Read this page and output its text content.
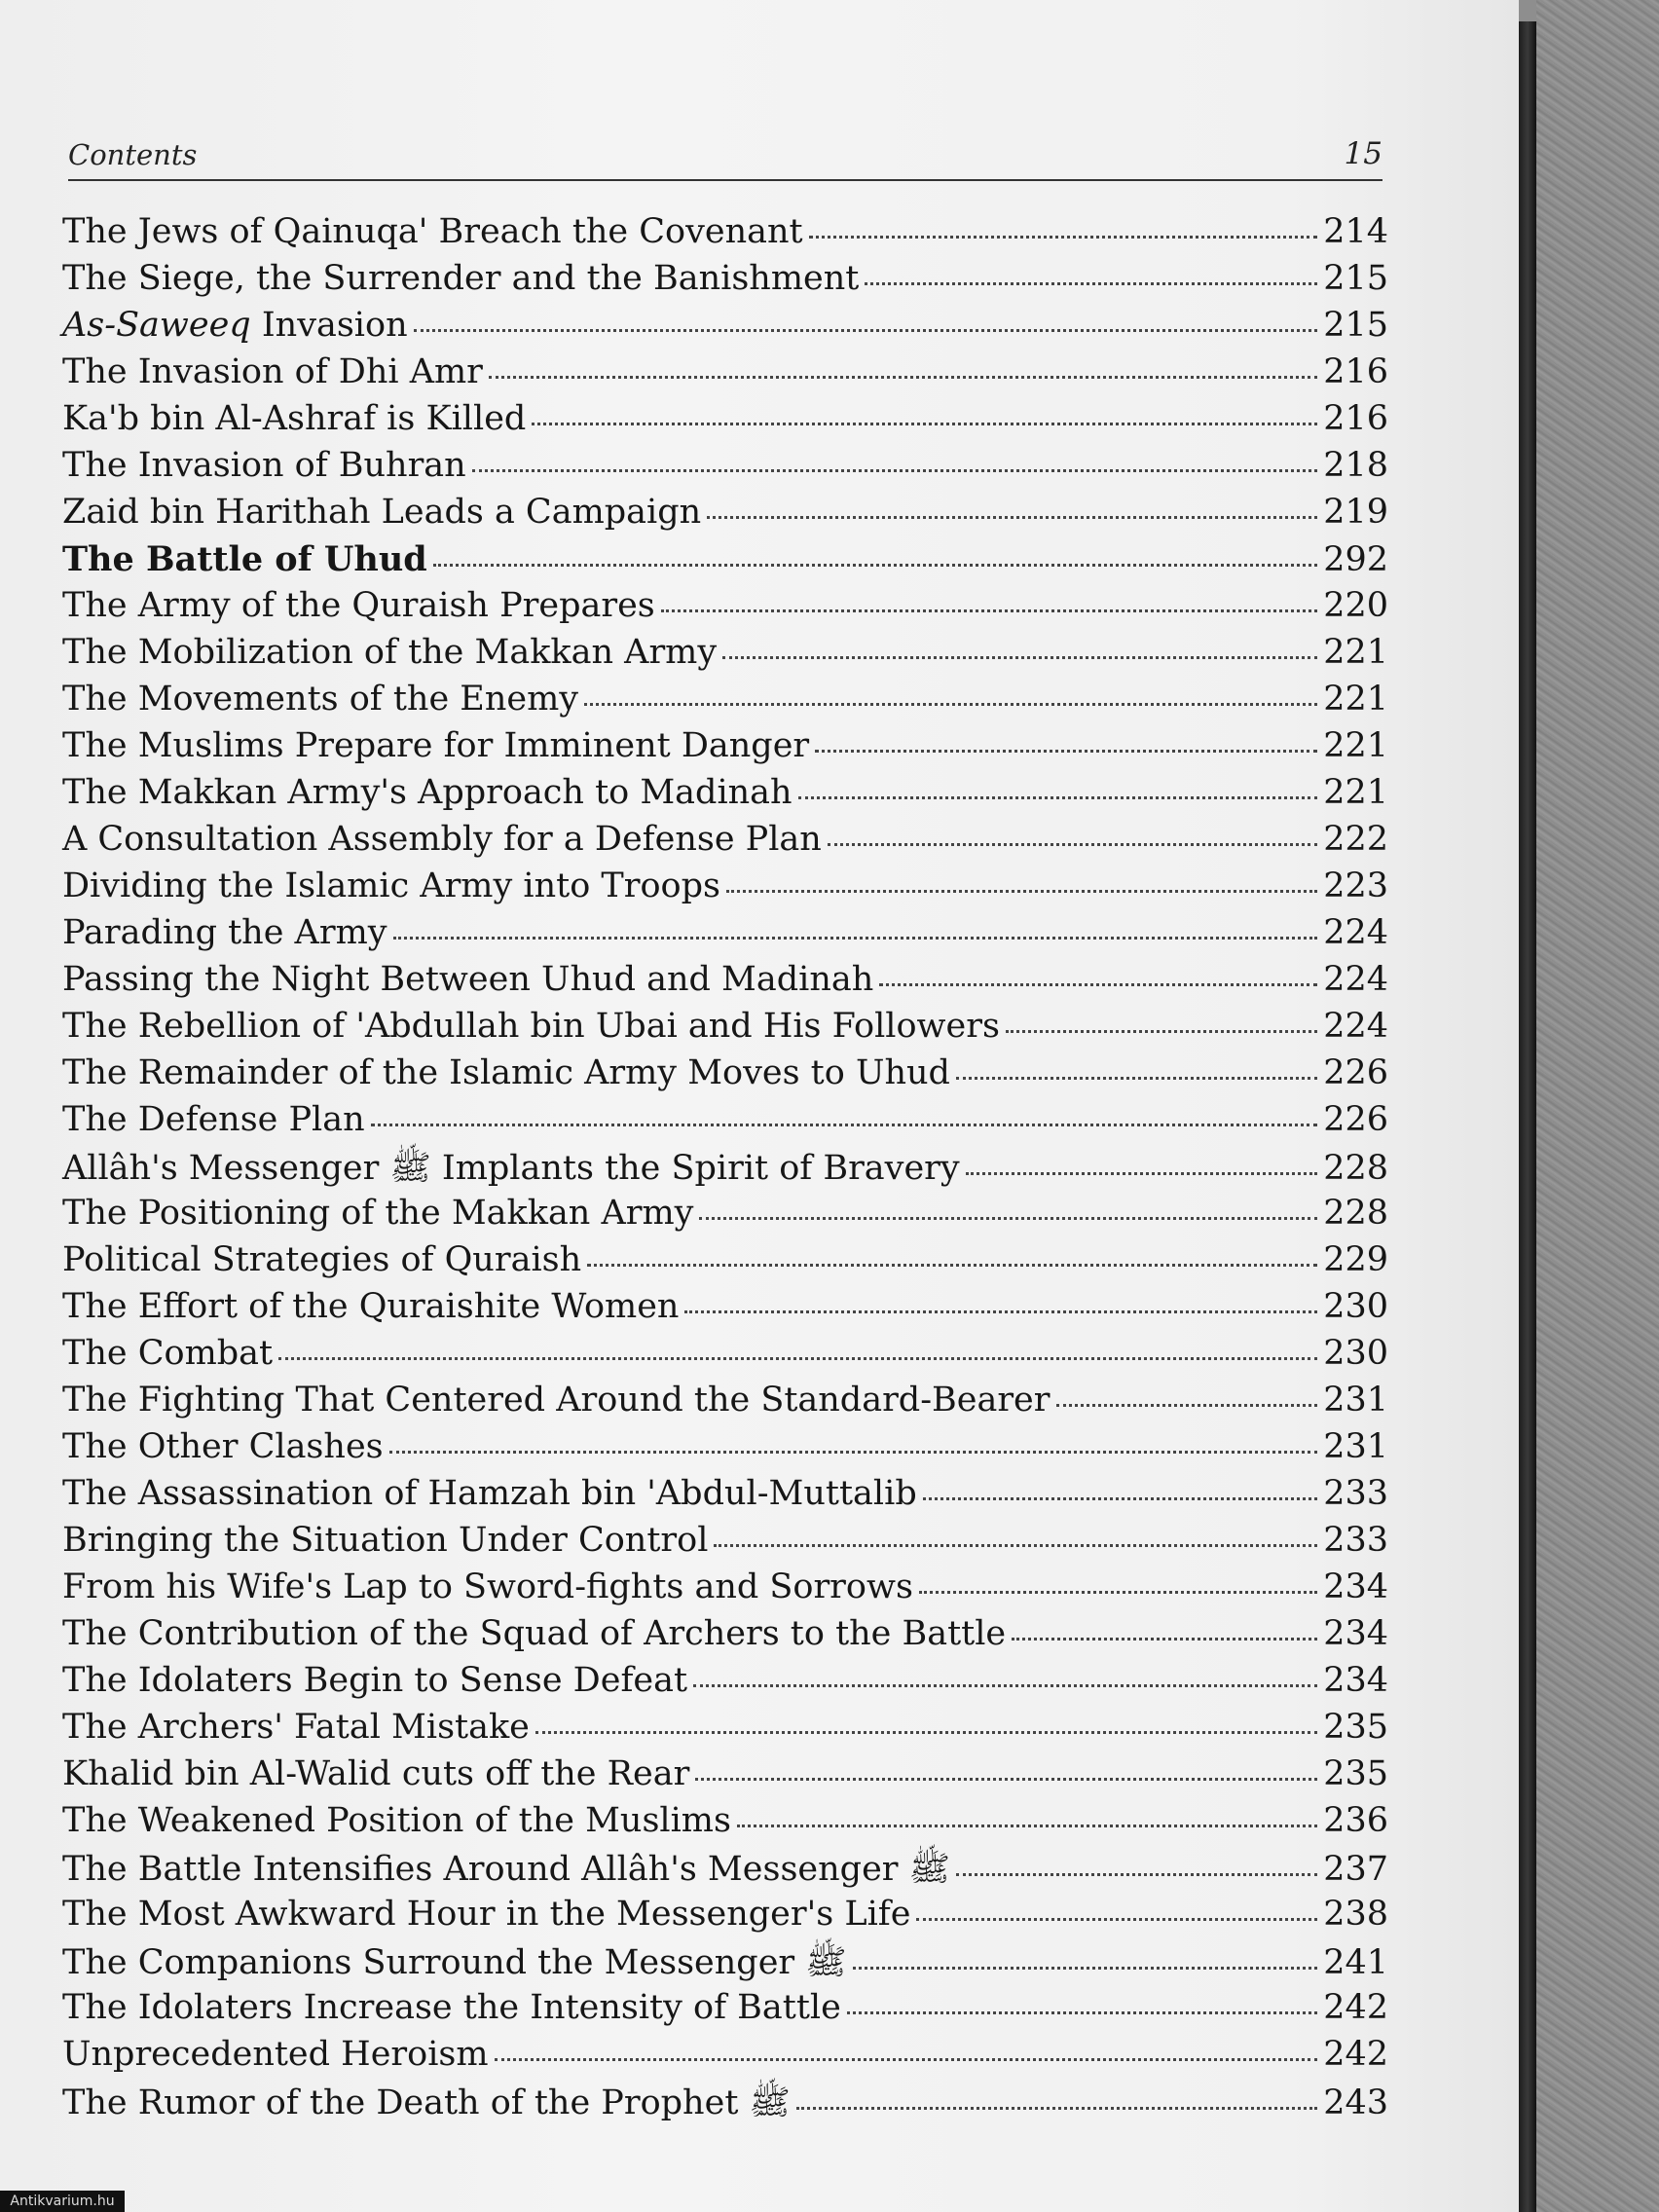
Contents	15
The Jews of Qainuqa' Breach the Covenant	214
The Siege, the Surrender and the Banishment	215
As-Saweeq Invasion	215
The Invasion of Dhi Amr	216
Ka'b bin Al-Ashraf is Killed	216
The Invasion of Buhran	218
Zaid bin Harithah Leads a Campaign	219
The Battle of Uhud	292
The Army of the Quraish Prepares	220
The Mobilization of the Makkan Army	221
The Movements of the Enemy	221
The Muslims Prepare for Imminent Danger	221
The Makkan Army's Approach to Madinah	221
A Consultation Assembly for a Defense Plan	222
Dividing the Islamic Army into Troops	223
Parading the Army	224
Passing the Night Between Uhud and Madinah	224
The Rebellion of 'Abdullah bin Ubai and His Followers	224
The Remainder of the Islamic Army Moves to Uhud	226
The Defense Plan	226
Allâh's Messenger ﷺ Implants the Spirit of Bravery	228
The Positioning of the Makkan Army	228
Political Strategies of Quraish	229
The Effort of the Quraishite Women	230
The Combat	230
The Fighting That Centered Around the Standard-Bearer	231
The Other Clashes	231
The Assassination of Hamzah bin 'Abdul-Muttalib	233
Bringing the Situation Under Control	233
From his Wife's Lap to Sword-fights and Sorrows	234
The Contribution of the Squad of Archers to the Battle	234
The Idolaters Begin to Sense Defeat	234
The Archers' Fatal Mistake	235
Khalid bin Al-Walid cuts off the Rear	235
The Weakened Position of the Muslims	236
The Battle Intensifies Around Allâh's Messenger ﷺ	237
The Most Awkward Hour in the Messenger's Life	238
The Companions Surround the Messenger ﷺ	241
The Idolaters Increase the Intensity of Battle	242
Unprecedented Heroism	242
The Rumor of the Death of the Prophet ﷺ	243
Antikvarium.hu
